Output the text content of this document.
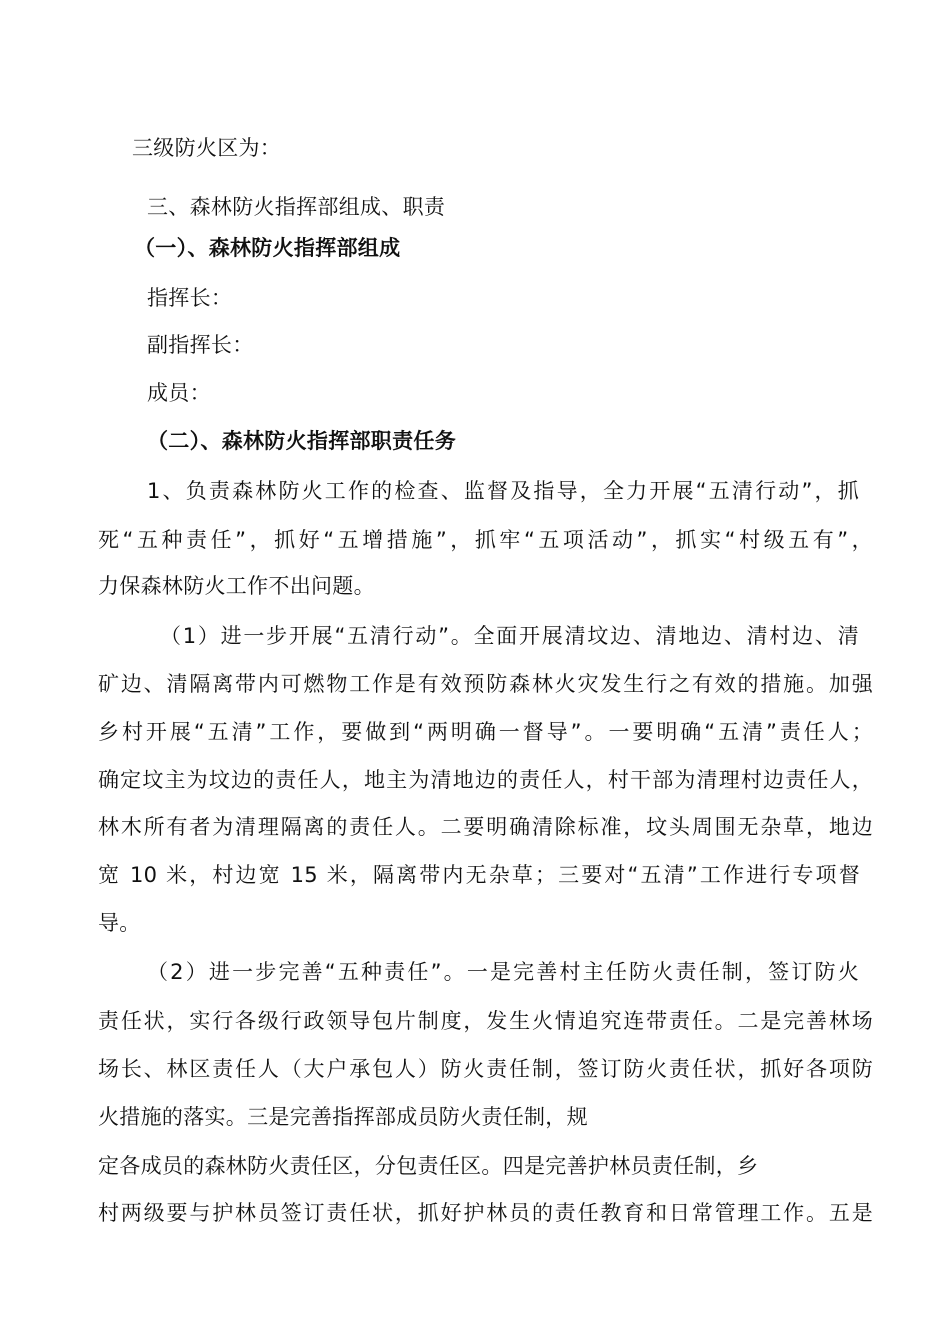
三级防火区为：
三、森林防火指挥部组成、职责
（一）、森林防火指挥部组成
指挥长：
副指挥长：
成员：
（二）、森林防火指挥部职责任务
1、负责森林防火工作的检查、监督及指导，全力开展“五清行动”，抓
死“五种责任”，抓好“五增措施”，抓牢“五项活动”，抓实“村级五有”，
力保森林防火工作不出问题。
（1）进一步开展“五清行动”。全面开展清坟边、清地边、清村边、清
矿边、清隔离带内可燃物工作是有效预防森林火灾发生行之有效的措施。加强
乡村开展“五清”工作，要做到“两明确一督导”。一要明确“五清”责任人；
确定坟主为坟边的责任人，地主为清地边的责任人，村干部为清理村边责任人，
林木所有者为清理隔离的责任人。二要明确清除标准，坟头周围无杂草，地边
宽 10 米，村边宽 15 米，隔离带内无杂草；三要对“五清”工作进行专项督
导。
（2）进一步完善“五种责任”。一是完善村主任防火责任制，签订防火
责任状，实行各级行政领导包片制度，发生火情追究连带责任。二是完善林场
场长、林区责任人（大户承包人）防火责任制，签订防火责任状，抓好各项防
火措施的落实。三是完善指挥部成员防火责任制，规
定各成员的森林防火责任区，分包责任区。四是完善护林员责任制，乡
村两级要与护林员签订责任状，抓好护林员的责任教育和日常管理工作。五是
